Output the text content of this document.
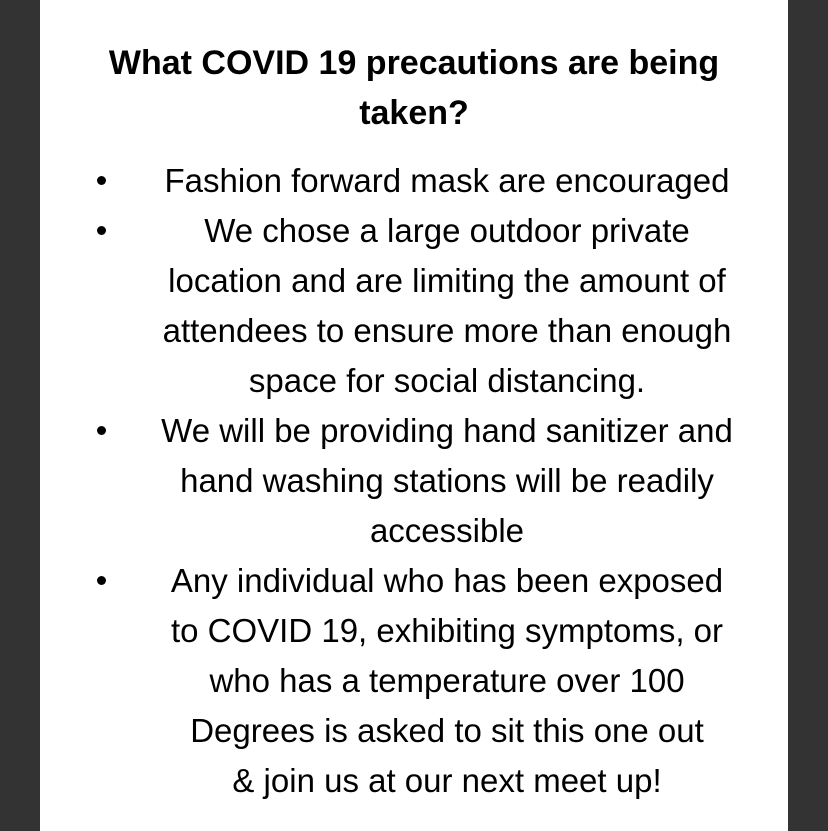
What COVID 19 precautions are being
taken?
Fashion forward mask are encouraged
We chose a large outdoor private
location and are limiting the amount of
attendees to ensure more than enough
space for social distancing.
We will be providing hand sanitizer and
hand washing stations will be readily
accessible
Any individual who has been exposed
to COVID 19, exhibiting symptoms, or
who has a temperature over 100
Degrees is asked to sit this one out
& join us at our next meet up!
